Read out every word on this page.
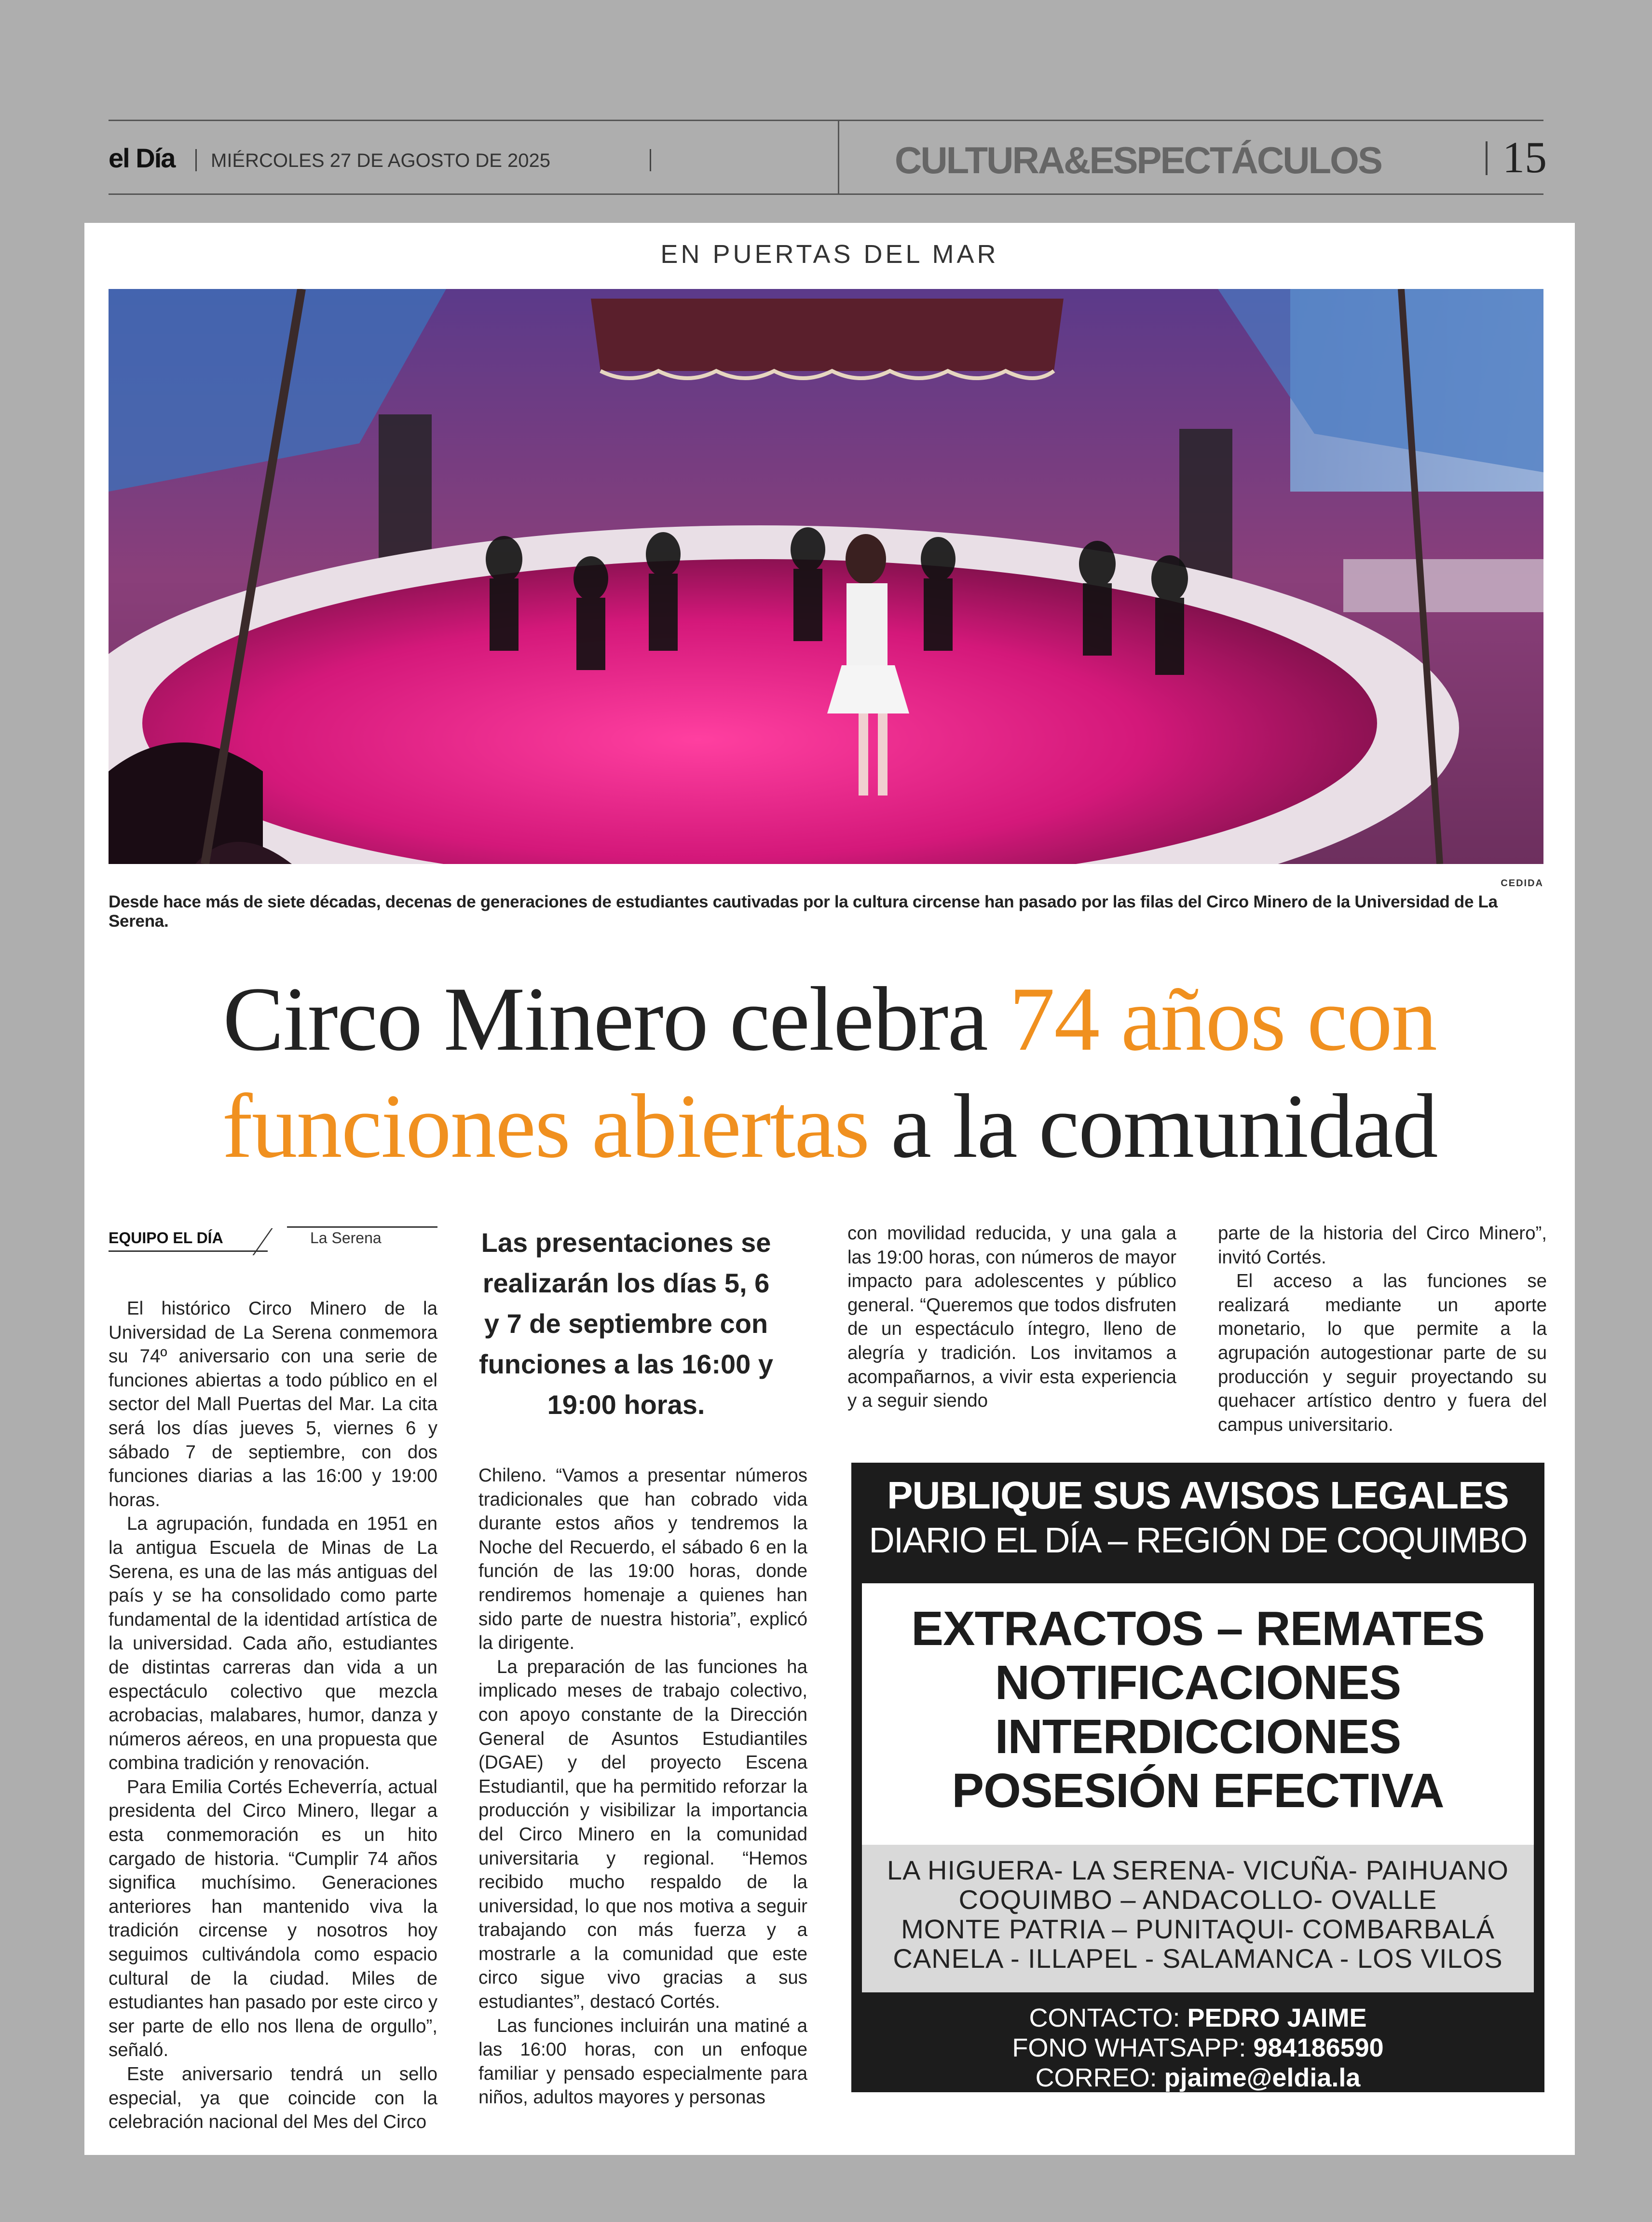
el Día MIÉRCOLES 27 DE AGOSTO DE 2025	CULTURA&ESPECTÁCULOS	15
EN PUERTAS DEL MAR
CEDIDA
Desde hace más de siete décadas, decenas de generaciones de estudiantes cautivadas por la cultura circense han pasado por las filas del Circo Minero de la Universidad de La Serena.
Circo Minero celebra 74 años con
funciones abiertas a la comunidad
EQUIPO EL DÍA	La Serena

El histórico Circo Minero de la Universidad de La Serena conmemora su 74º aniversario con una serie de funciones abiertas a todo público en el sector del Mall Puertas del Mar. La cita será los días jueves 5, viernes 6 y sábado 7 de septiembre, con dos funciones diarias a las 16:00 y 19:00 horas.

La agrupación, fundada en 1951 en la antigua Escuela de Minas de La Serena, es una de las más antiguas del país y se ha consolidado como parte fundamental de la identidad artística de la universidad. Cada año, estudiantes de distintas carreras dan vida a un espectáculo colectivo que mezcla acrobacias, malabares, humor, danza y números aéreos, en una propuesta que combina tradición y renovación.

Para Emilia Cortés Echeverría, actual presidenta del Circo Minero, llegar a esta conmemoración es un hito cargado de historia. “Cumplir 74 años significa muchísimo. Generaciones anteriores han mantenido viva la tradición circense y nosotros hoy seguimos cultivándola como espacio cultural de la ciudad. Miles de estudiantes han pasado por este circo y ser parte de ello nos llena de orgullo”, señaló.

Este aniversario tendrá un sello especial, ya que coincide con la celebración nacional del Mes del Circo

Las presentaciones se realizarán los días 5, 6 y 7 de septiembre con funciones a las 16:00 y 19:00 horas.

Chileno. “Vamos a presentar números tradicionales que han cobrado vida durante estos años y tendremos la Noche del Recuerdo, el sábado 6 en la función de las 19:00 horas, donde rendiremos homenaje a quienes han sido parte de nuestra historia”, explicó la dirigente.

La preparación de las funciones ha implicado meses de trabajo colectivo, con apoyo constante de la Dirección General de Asuntos Estudiantiles (DGAE) y del proyecto Escena Estudiantil, que ha permitido reforzar la producción y visibilizar la importancia del Circo Minero en la comunidad universitaria y regional. “Hemos recibido mucho respaldo de la universidad, lo que nos motiva a seguir trabajando con más fuerza y a mostrarle a la comunidad que este circo sigue vivo gracias a sus estudiantes”, destacó Cortés.

Las funciones incluirán una matiné a las 16:00 horas, con un enfoque familiar y pensado especialmente para niños, adultos mayores y personas

con movilidad reducida, y una gala a las 19:00 horas, con números de mayor impacto para adolescentes y público general. “Queremos que todos disfruten de un espectáculo íntegro, lleno de alegría y tradición. Los invitamos a acompañarnos, a vivir esta experiencia y a seguir siendo

parte de la historia del Circo Minero”, invitó Cortés.

El acceso a las funciones se realizará mediante un aporte monetario, lo que permite a la agrupación autogestionar parte de su producción y seguir proyectando su quehacer artístico dentro y fuera del campus universitario.

PUBLIQUE SUS AVISOS LEGALES
DIARIO EL DÍA – REGIÓN DE COQUIMBO
EXTRACTOS – REMATES
NOTIFICACIONES
INTERDICCIONES
POSESIÓN EFECTIVA
LA HIGUERA- LA SERENA- VICUÑA- PAIHUANO
COQUIMBO – ANDACOLLO- OVALLE
MONTE PATRIA – PUNITAQUI- COMBARBALÁ
CANELA - ILLAPEL - SALAMANCA - LOS VILOS
CONTACTO: PEDRO JAIME
FONO WHATSAPP: 984186590
CORREO: pjaime@eldia.la
